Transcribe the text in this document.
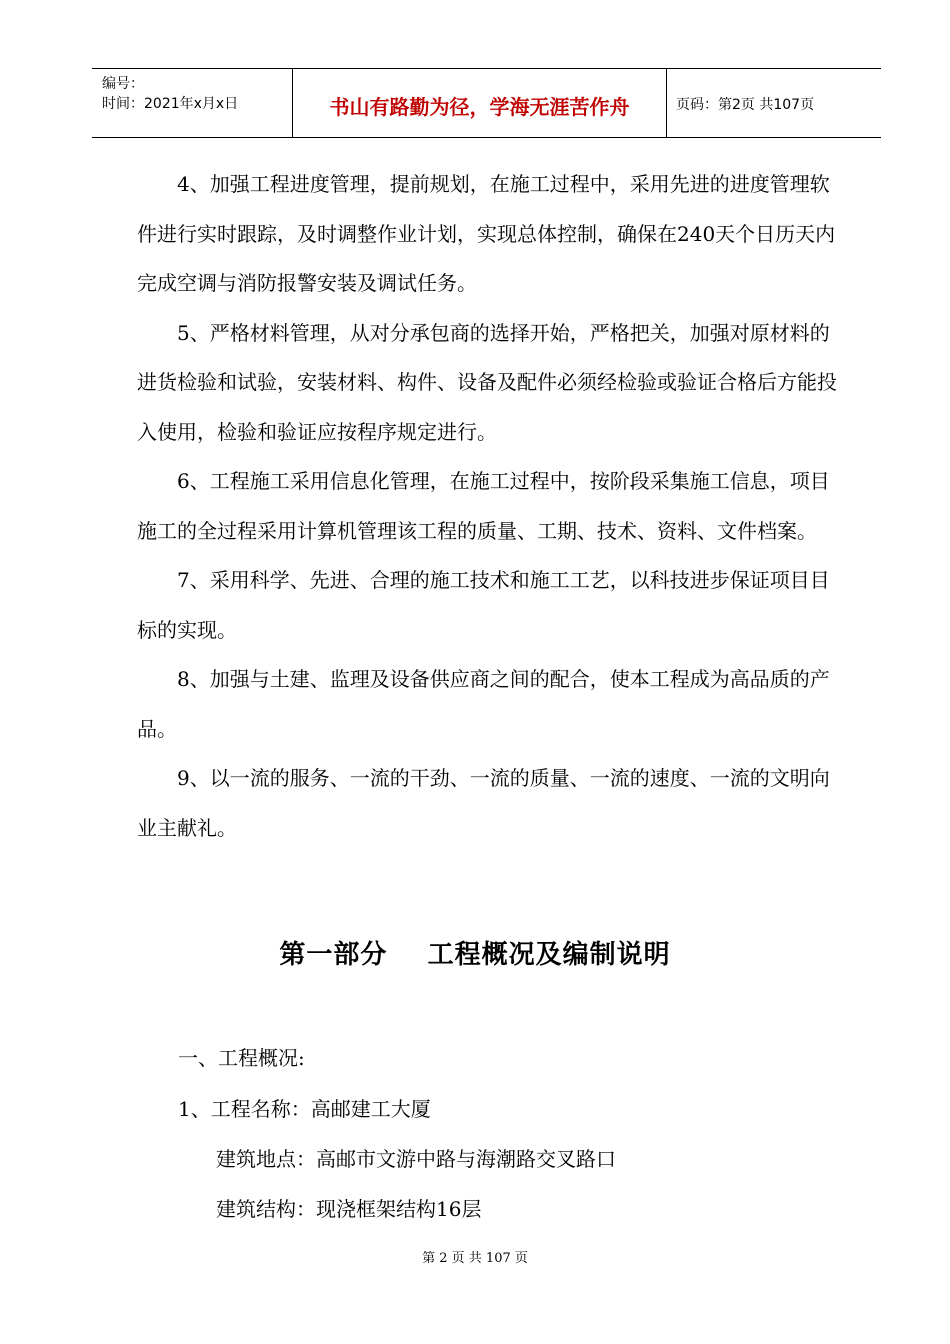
编号：
时间：2021年x月x日	书山有路勤为径，学海无涯苦作舟	页码：第2页 共107页

4、加强工程进度管理，提前规划，在施工过程中，采用先进的进度管理软件进行实时跟踪，及时调整作业计划，实现总体控制，确保在240天个日历天内完成空调与消防报警安装及调试任务。

5、严格材料管理，从对分承包商的选择开始，严格把关，加强对原材料的进货检验和试验，安装材料、构件、设备及配件必须经检验或验证合格后方能投入使用，检验和验证应按程序规定进行。

6、工程施工采用信息化管理，在施工过程中，按阶段采集施工信息，项目施工的全过程采用计算机管理该工程的质量、工期、技术、资料、文件档案。

7、采用科学、先进、合理的施工技术和施工工艺，以科技进步保证项目目标的实现。

8、加强与土建、监理及设备供应商之间的配合，使本工程成为高品质的产品。

9、以一流的服务、一流的干劲、一流的质量、一流的速度、一流的文明向业主献礼。

第一部分    工程概况及编制说明
一、工程概况:
1、工程名称：高邮建工大厦
建筑地点：高邮市文游中路与海潮路交叉路口
建筑结构：现浇框架结构16层
第 2 页 共 107 页
